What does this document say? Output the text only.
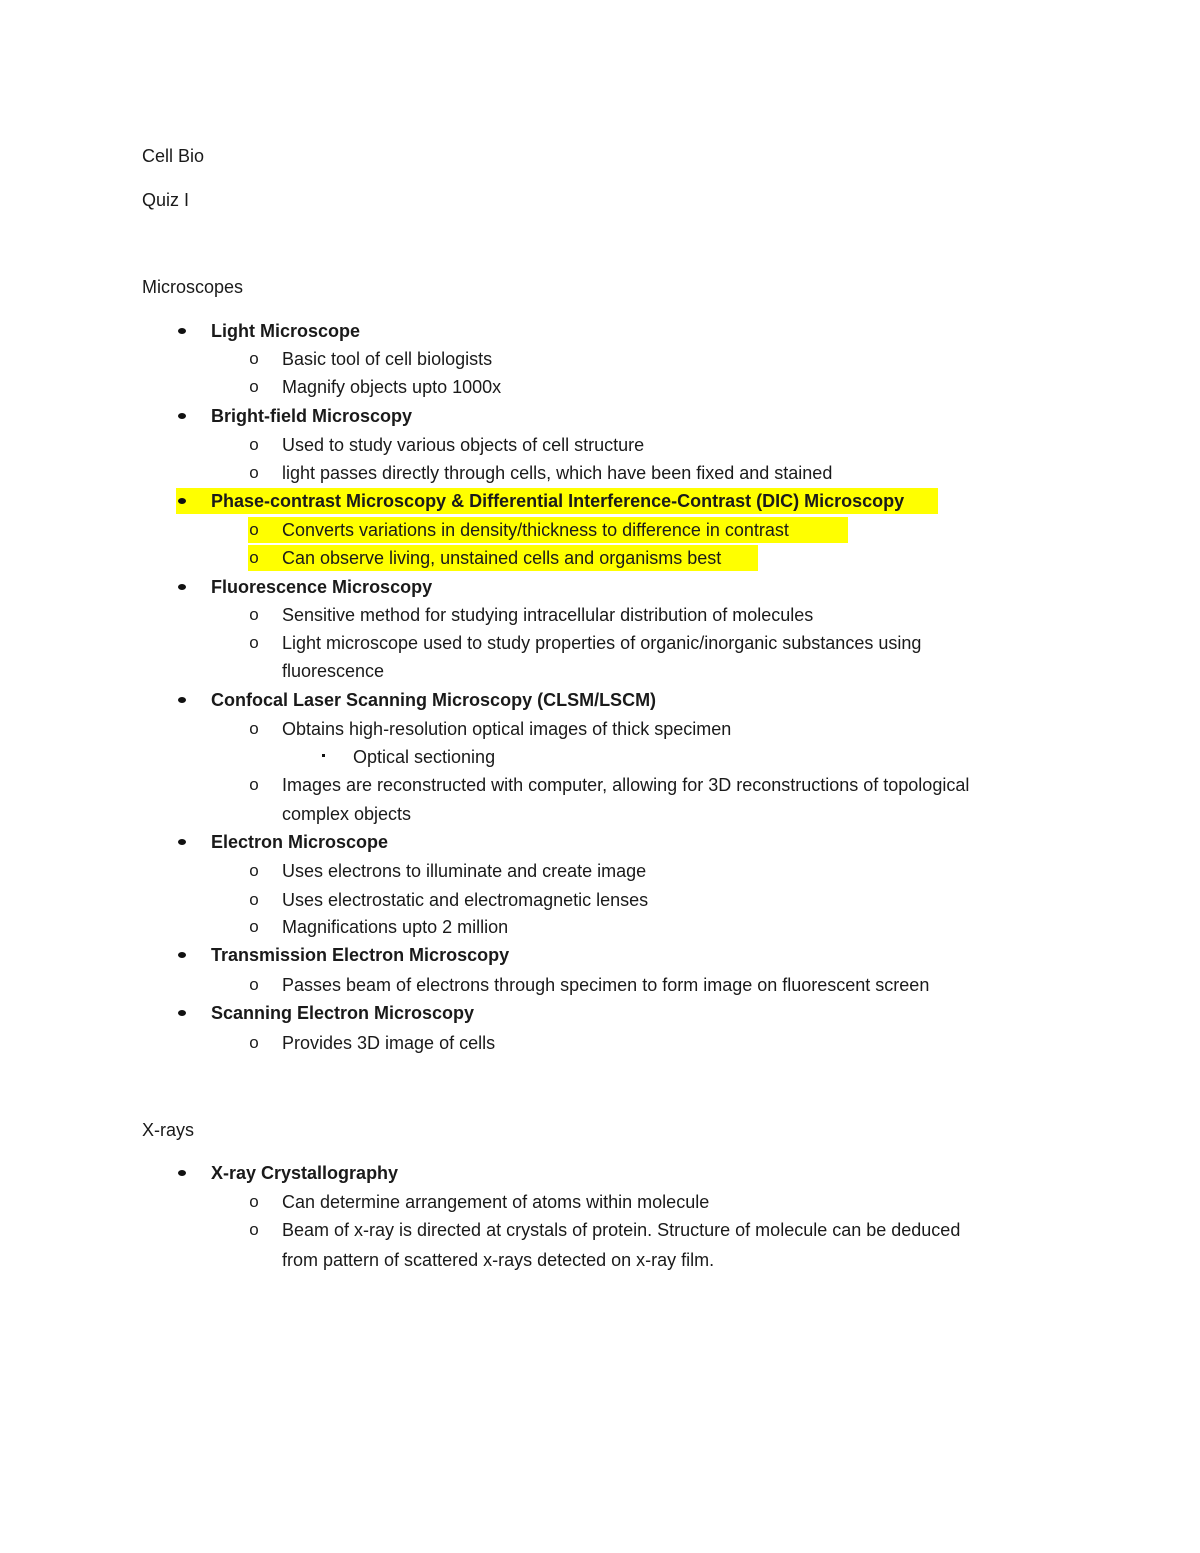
Cell Bio
Quiz I
Microscopes
Light Microscope
o Basic tool of cell biologists
o Magnify objects upto 1000x
Bright-field Microscopy
o Used to study various objects of cell structure
o light passes directly through cells, which have been fixed and stained
Phase-contrast Microscopy & Differential Interference-Contrast (DIC) Microscopy
o Converts variations in density/thickness to difference in contrast
o Can observe living, unstained cells and organisms best
Fluorescence Microscopy
o Sensitive method for studying intracellular distribution of molecules
o Light microscope used to study properties of organic/inorganic substances using
fluorescence
Confocal Laser Scanning Microscopy (CLSM/LSCM)
o Obtains high-resolution optical images of thick specimen
Optical sectioning
o Images are reconstructed with computer, allowing for 3D reconstructions of topological
complex objects
Electron Microscope
o Uses electrons to illuminate and create image
o Uses electrostatic and electromagnetic lenses
o Magnifications upto 2 million
Transmission Electron Microscopy
o Passes beam of electrons through specimen to form image on fluorescent screen
Scanning Electron Microscopy
o Provides 3D image of cells
X-rays
X-ray Crystallography
o Can determine arrangement of atoms within molecule
o Beam of x-ray is directed at crystals of protein. Structure of molecule can be deduced
from pattern of scattered x-rays detected on x-ray film.
